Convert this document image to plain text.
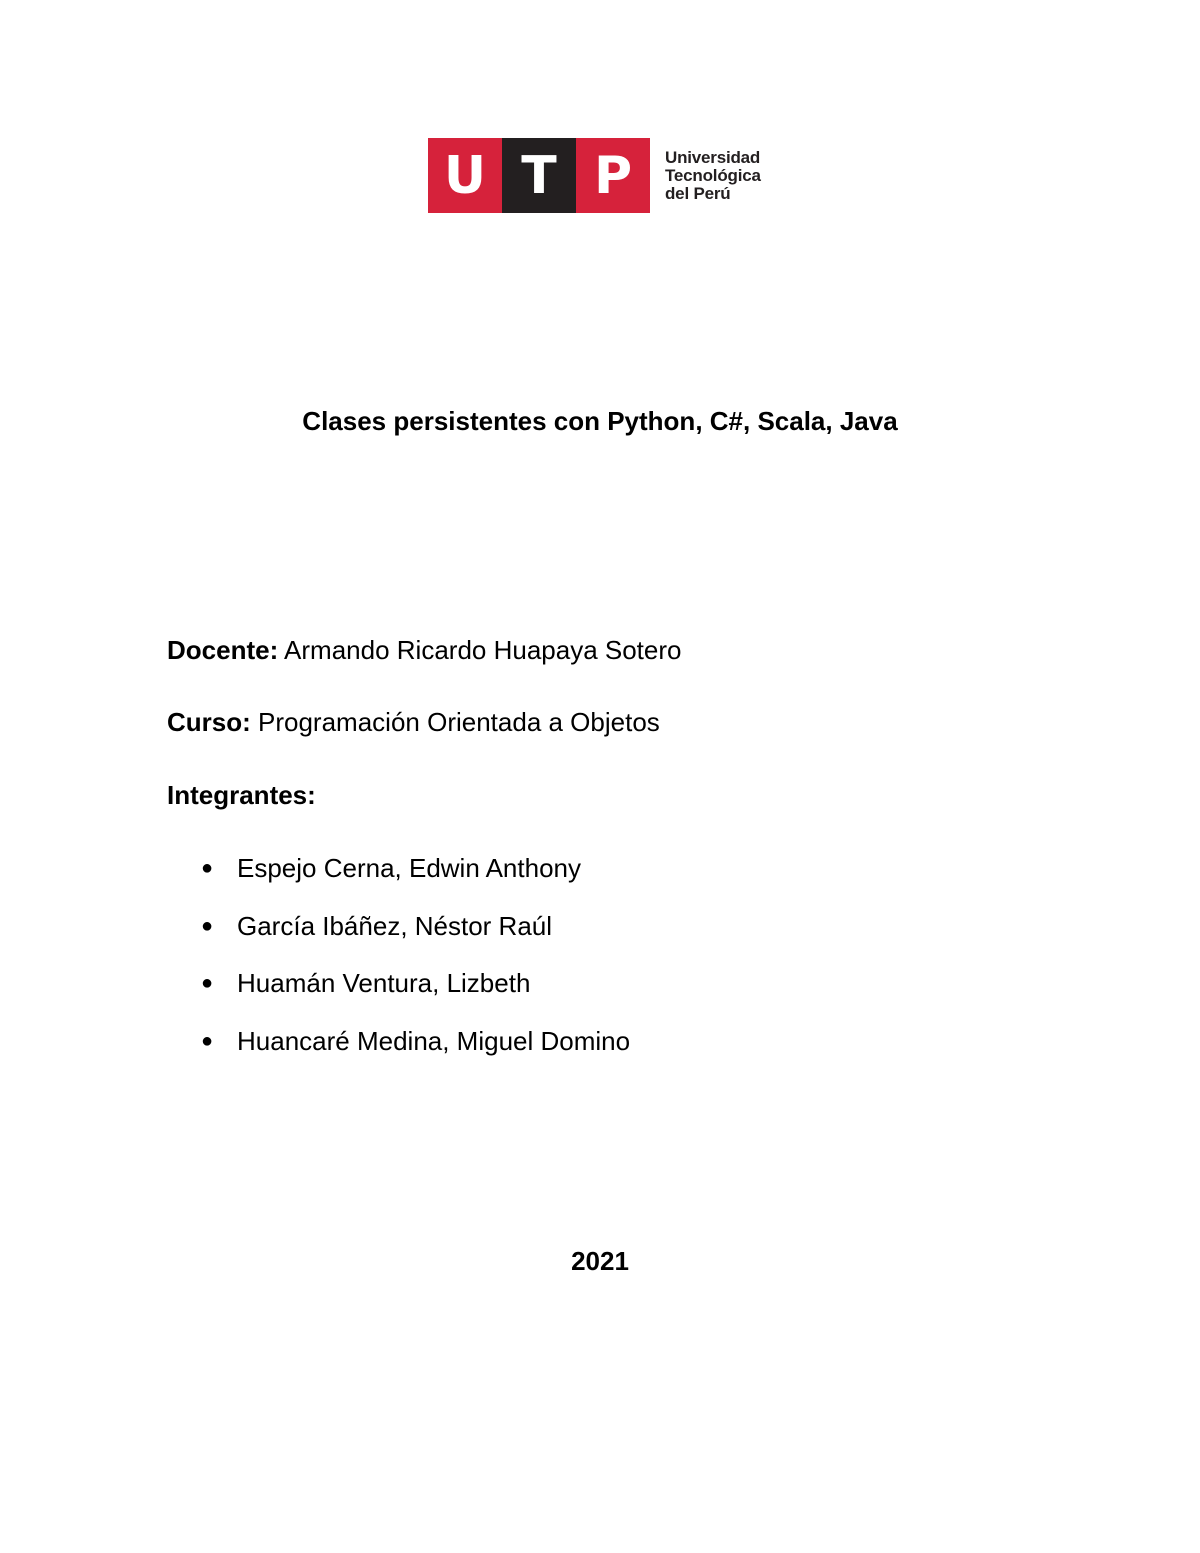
U T P	Universidad
Tecnológica
del Perú
Clases persistentes con Python, C#, Scala, Java
Docente: Armando Ricardo Huapaya Sotero
Curso: Programación Orientada a Objetos
Integrantes:
● Espejo Cerna, Edwin Anthony
● García Ibáñez, Néstor Raúl
● Huamán Ventura, Lizbeth
● Huancaré Medina, Miguel Domino
2021
